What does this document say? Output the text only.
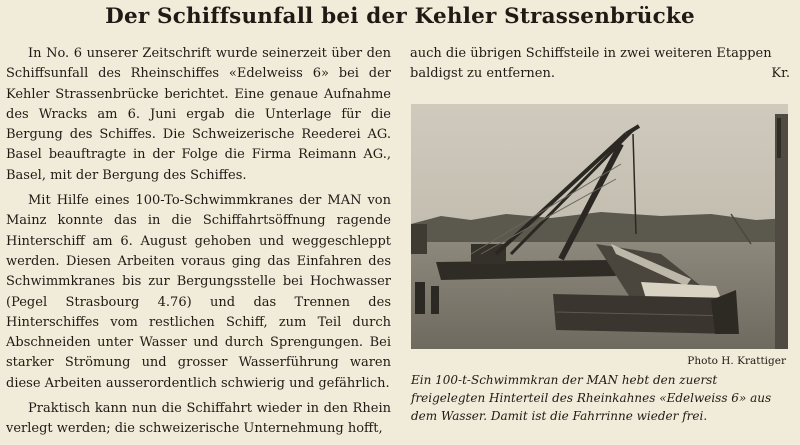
Der Schiffsunfall bei der Kehler Strassenbrücke

In No. 6 unserer Zeitschrift wurde seinerzeit über den Schiffsunfall des Rheinschiffes «Edelweiss 6» bei der Kehler Strassenbrücke berichtet. Eine genaue Aufnahme des Wracks am 6. Juni ergab die Unterlage für die Bergung des Schiffes. Die Schweizerische Reederei AG. Basel beauftragte in der Folge die Firma Reimann AG., Basel, mit der Bergung des Schiffes.

Mit Hilfe eines 100-To-Schwimmkranes der MAN von Mainz konnte das in die Schiffahrtsöffnung ragende Hinterschiff am 6. August gehoben und weggeschleppt werden. Diesen Arbeiten voraus ging das Einfahren des Schwimmkranes bis zur Bergungsstelle bei Hochwasser (Pegel Strasbourg 4.76) und das Trennen des Hinterschiffes vom restlichen Schiff, zum Teil durch Abschneiden unter Wasser und durch Sprengungen. Bei starker Strömung und grosser Wasserführung waren diese Arbeiten ausserordentlich schwierig und gefährlich.

Praktisch kann nun die Schiffahrt wieder in den Rhein verlegt werden; die schweizerische Unternehmung hofft,

auch die übrigen Schiffsteile in zwei weiteren Etappen
baldigst zu entfernen.	Kr.
Photo H. Krattiger
Ein 100-t-Schwimmkran der MAN hebt den zuerst freigelegten Hinterteil des Rheinkahnes «Edelweiss 6» aus dem Wasser. Damit ist die Fahrrinne wieder frei.
